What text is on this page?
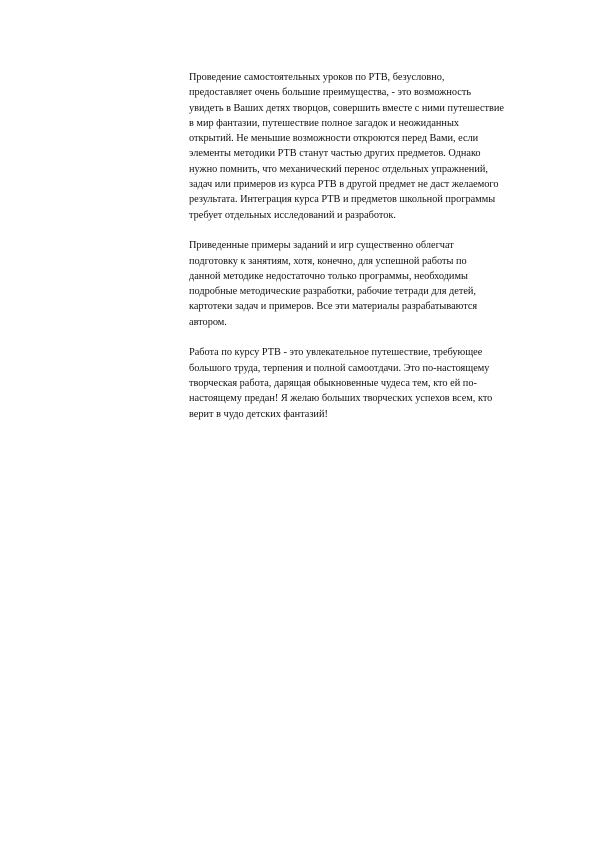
Проведение самостоятельных уроков по РТВ, безусловно,
предоставляет очень большие преимущества, - это возможность
увидеть в Ваших детях творцов, совершить вместе с ними путешествие
в мир фантазии, путешествие полное загадок и неожиданных
открытий. Не меньшие возможности откроются перед Вами, если
элементы методики РТВ станут частью других предметов. Однако
нужно помнить, что механический перенос отдельных упражнений,
задач или примеров из курса РТВ в другой предмет не даст желаемого
результата. Интеграция курса РТВ и предметов школьной программы
требует отдельных исследований и разработок.

Приведенные примеры заданий и игр существенно облегчат
подготовку к занятиям, хотя, конечно, для успешной работы по
данной методике недостаточно только программы, необходимы
подробные методические разработки, рабочие тетради для детей,
картотеки задач и примеров. Все эти материалы разрабатываются
автором.

Работа по курсу РТВ - это увлекательное путешествие, требующее
большого труда, терпения и полной самоотдачи. Это по-настоящему
творческая работа, дарящая обыкновенные чудеса тем, кто ей по-
настоящему предан! Я желаю больших творческих успехов всем, кто
верит в чудо детских фантазий!
